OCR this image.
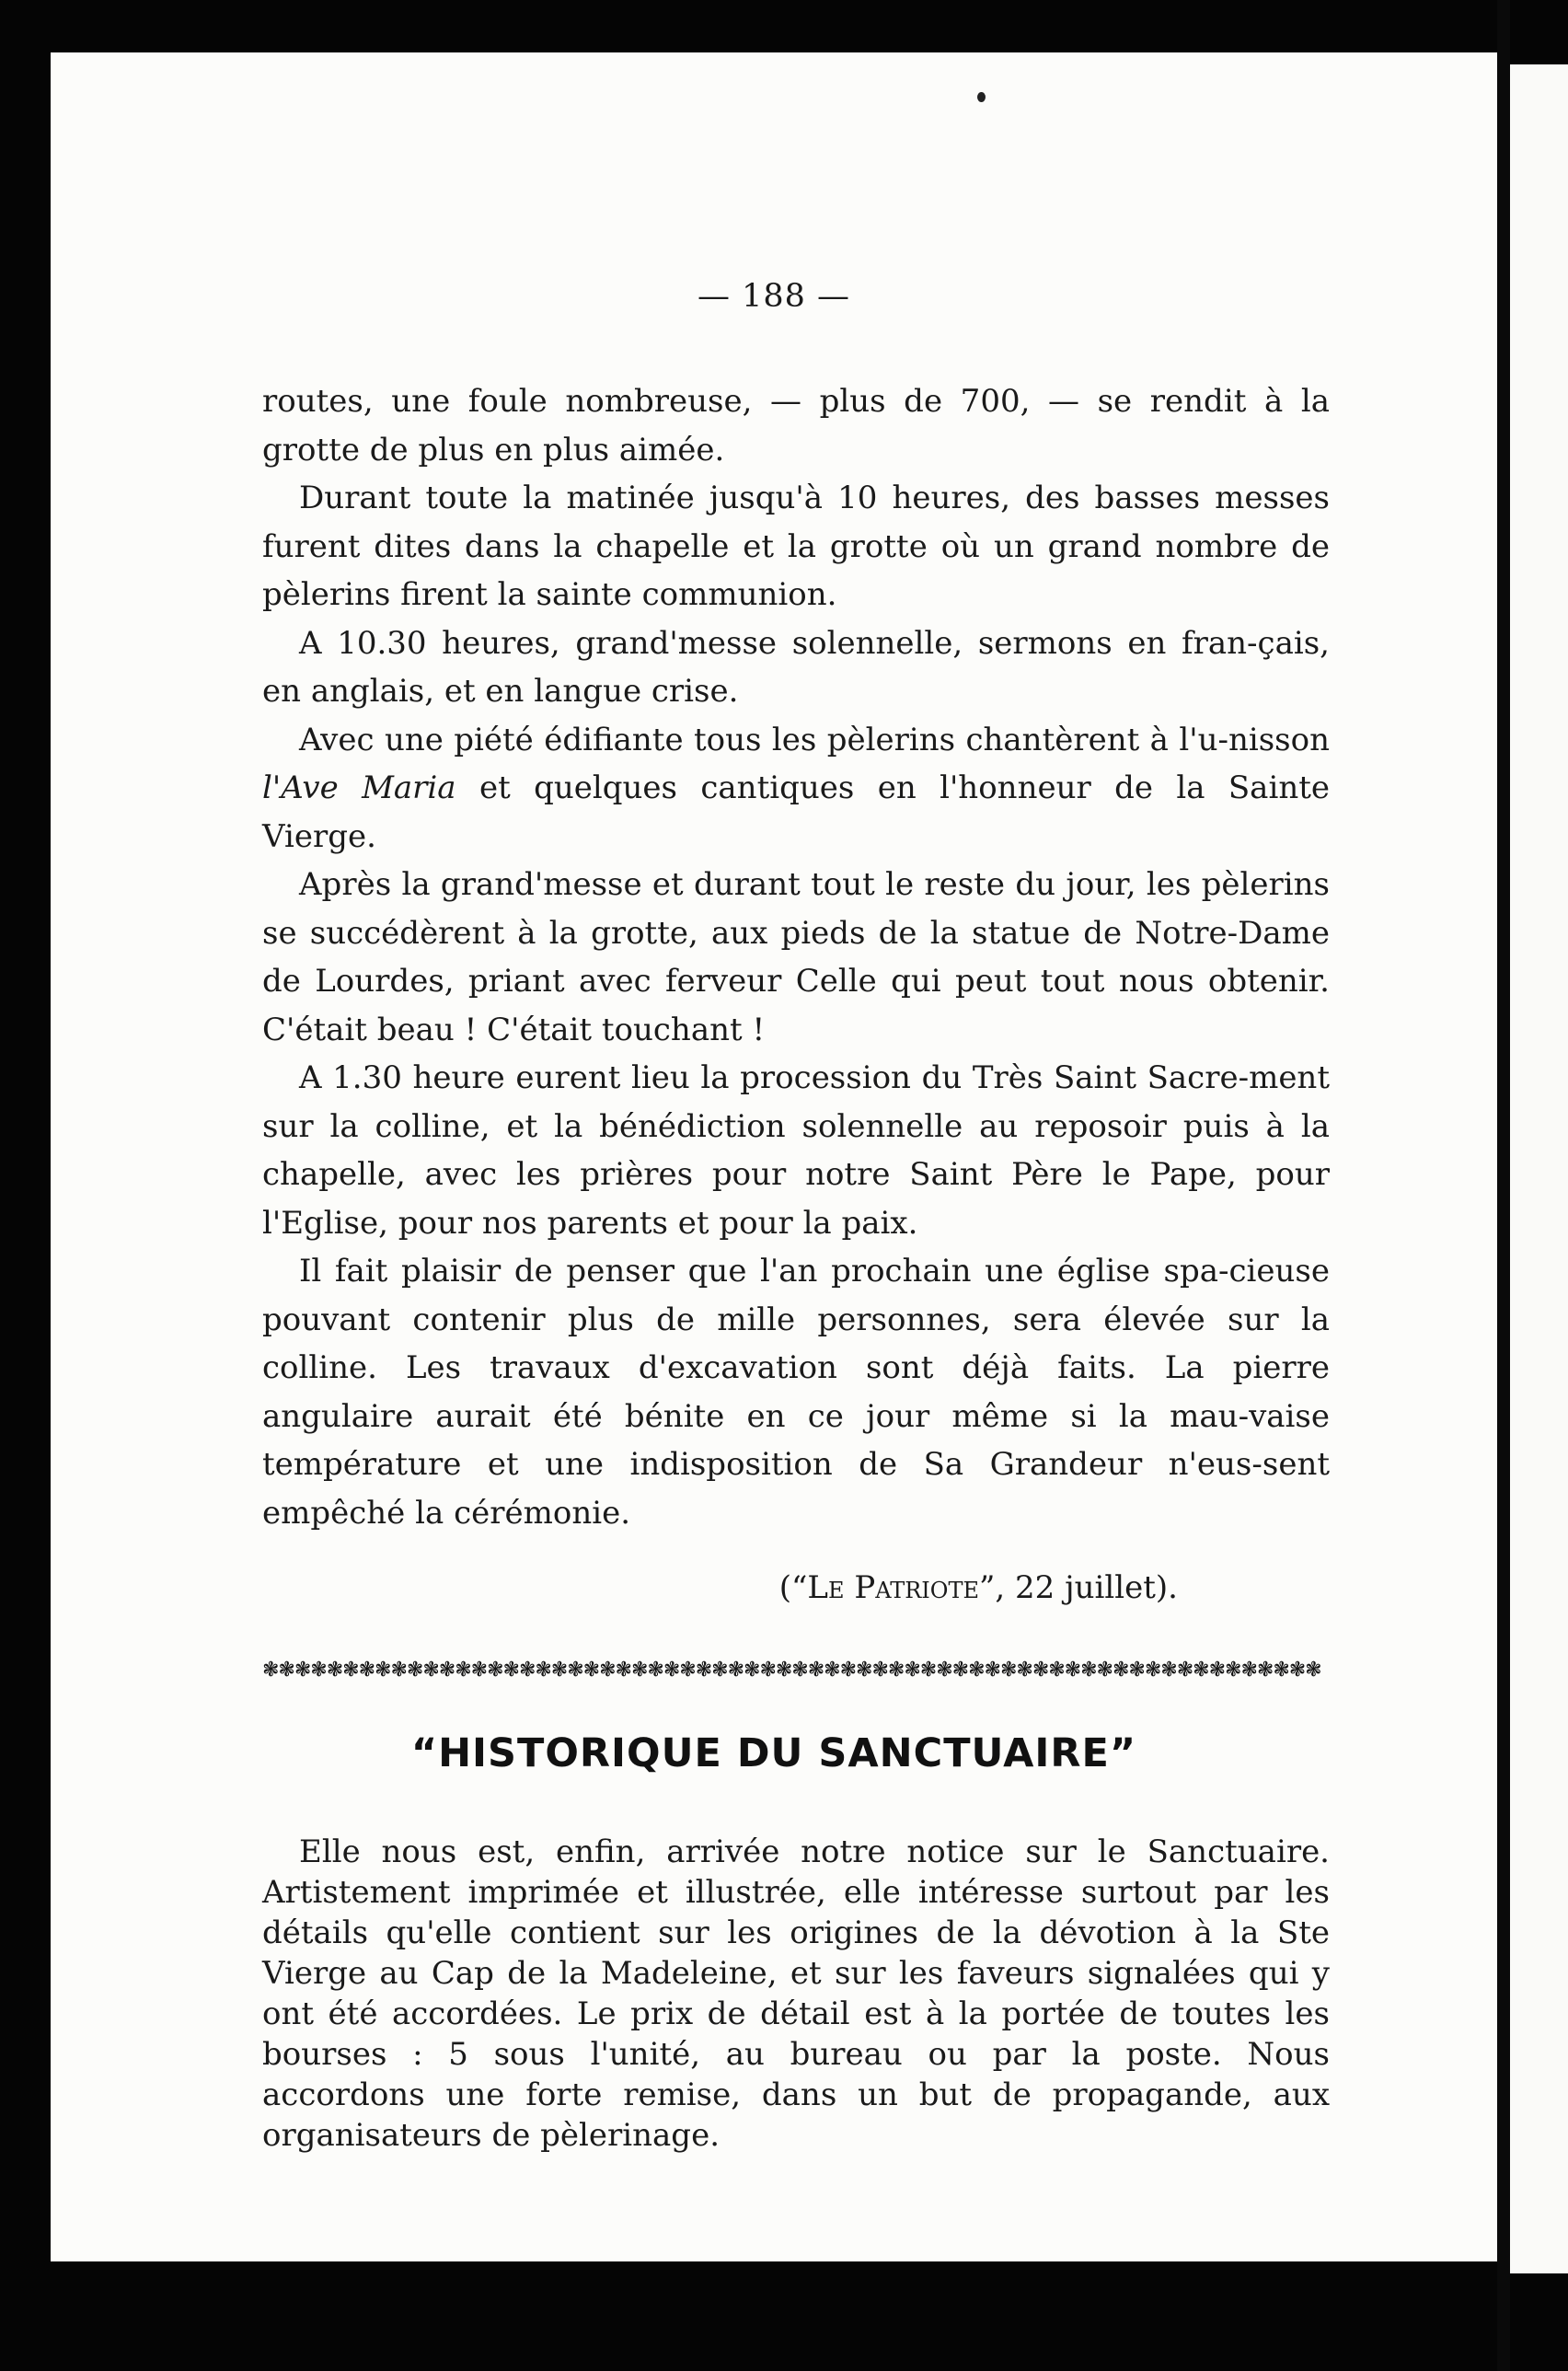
— 188 —

routes, une foule nombreuse, — plus de 700, — se rendit à la grotte de plus en plus aimée.

Durant toute la matinée jusqu'à 10 heures, des basses messes furent dites dans la chapelle et la grotte où un grand nombre de pèlerins firent la sainte communion.

A 10.30 heures, grand'messe solennelle, sermons en fran-çais, en anglais, et en langue crise.

Avec une piété édifiante tous les pèlerins chantèrent à l'u-nisson l'Ave Maria et quelques cantiques en l'honneur de la Sainte Vierge.

Après la grand'messe et durant tout le reste du jour, les pèlerins se succédèrent à la grotte, aux pieds de la statue de Notre-Dame de Lourdes, priant avec ferveur Celle qui peut tout nous obtenir. C'était beau ! C'était touchant !

A 1.30 heure eurent lieu la procession du Très Saint Sacre-ment sur la colline, et la bénédiction solennelle au reposoir puis à la chapelle, avec les prières pour notre Saint Père le Pape, pour l'Eglise, pour nos parents et pour la paix.

Il fait plaisir de penser que l'an prochain une église spa-cieuse pouvant contenir plus de mille personnes, sera élevée sur la colline. Les travaux d'excavation sont déjà faits. La pierre angulaire aurait été bénite en ce jour même si la mau-vaise température et une indisposition de Sa Grandeur n'eus-sent empêché la cérémonie.

(“Le Patriote”, 22 juillet).
❃❃❃❃❃❃❃❃❃❃❃❃❃❃❃❃❃❃❃❃❃❃❃❃❃❃❃❃❃❃❃❃❃❃❃❃❃❃❃❃❃❃❃❃❃❃❃❃❃❃❃❃❃❃❃❃❃❃❃❃❃❃❃❃❃❃
“HISTORIQUE DU SANCTUAIRE”

Elle nous est, enfin, arrivée notre notice sur le Sanctuaire. Artistement imprimée et illustrée, elle intéresse surtout par les détails qu'elle contient sur les origines de la dévotion à la Ste Vierge au Cap de la Madeleine, et sur les faveurs signalées qui y ont été accordées. Le prix de détail est à la portée de toutes les bourses : 5 sous l'unité, au bureau ou par la poste. Nous accordons une forte remise, dans un but de propagande, aux organisateurs de pèlerinage.
